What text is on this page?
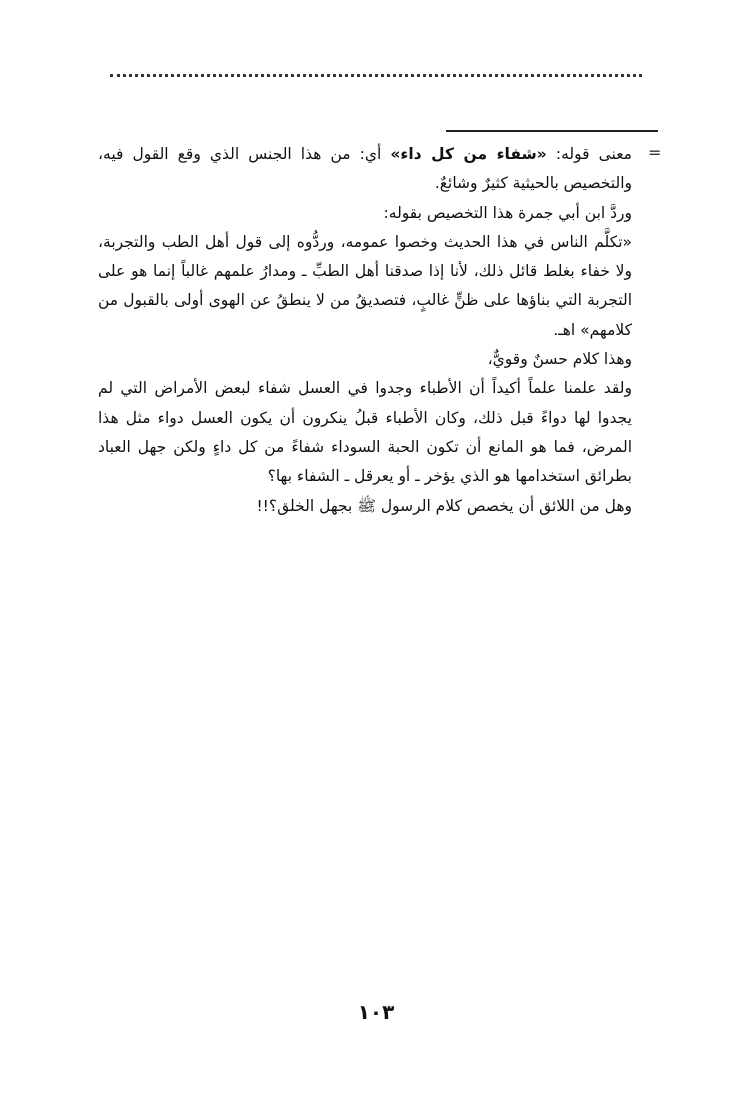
=

معنى قوله: «شفاء من كل داء» أي: من هذا الجنس الذي وقع القول فيه، والتخصيص بالحيثية كثيرٌ وشائعٌ.

وردَّ ابن أبي جمرة هذا التخصيص بقوله:

«تكلَّم الناس في هذا الحديث وخصوا عمومه، وردُّوه إلى قول أهل الطب والتجربة، ولا خفاء بغلط قائل ذلك، لأنا إذا صدقنا أهل الطبِّ ـ ومدارُ علمهم غالباً إنما هو على التجربة التي بناؤها على ظنٍّ غالبٍ، فتصديقُ من لا ينطقُ عن الهوى أولى بالقبول من كلامهم» اهـ.

وهذا كلام حسنٌ وقويٌّ،

ولقد علمنا علماً أكيداً أن الأطباء وجدوا في العسل شفاء لبعض الأمراض التي لم يجدوا لها دواءً قبل ذلك، وكان الأطباء قبلُ ينكرون أن يكون العسل دواء مثل هذا المرض، فما هو المانع أن تكون الحبة السوداء شفاءً من كل داءٍ ولكن جهل العباد بطرائق استخدامها هو الذي يؤخر ـ أو يعرقل ـ الشفاء بها؟

وهل من اللائق أن يخصص كلام الرسول ﷺ بجهل الخلق؟!!

١٠٣
